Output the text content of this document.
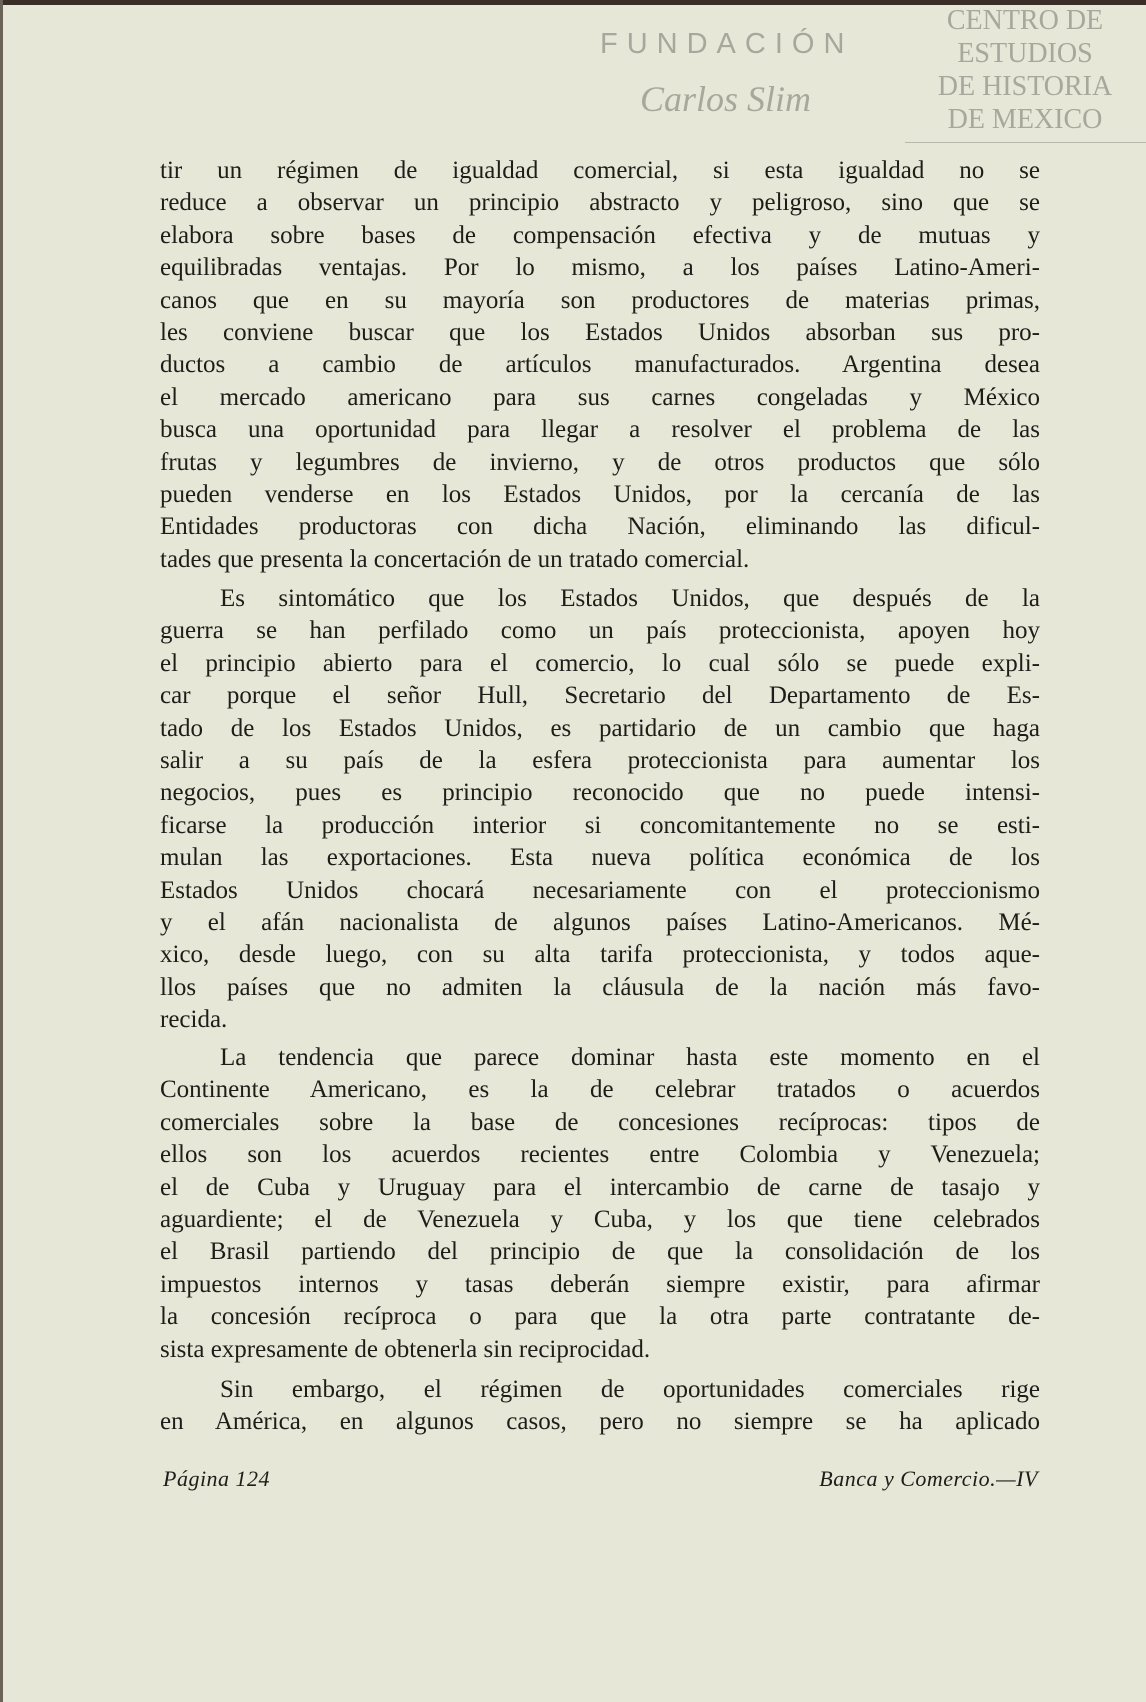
CENTRO DE
ESTUDIOS
DE HISTORIA
DE MEXICO
FUNDACIÓN
Carlos Slim
tir un régimen de igualdad comercial, si esta igualdad no se
reduce a observar un principio abstracto y peligroso, sino que se
elabora sobre bases de compensación efectiva y de mutuas y
equilibradas ventajas. Por lo mismo, a los países Latino-Ameri-
canos que en su mayoría son productores de materias primas,
les conviene buscar que los Estados Unidos absorban sus pro-
ductos a cambio de artículos manufacturados. Argentina desea
el mercado americano para sus carnes congeladas y México
busca una oportunidad para llegar a resolver el problema de las
frutas y legumbres de invierno, y de otros productos que sólo
pueden venderse en los Estados Unidos, por la cercanía de las
Entidades productoras con dicha Nación, eliminando las dificul-
tades que presenta la concertación de un tratado comercial.
Es sintomático que los Estados Unidos, que después de la
guerra se han perfilado como un país proteccionista, apoyen hoy
el principio abierto para el comercio, lo cual sólo se puede expli-
car porque el señor Hull, Secretario del Departamento de Es-
tado de los Estados Unidos, es partidario de un cambio que haga
salir a su país de la esfera proteccionista para aumentar los
negocios, pues es principio reconocido que no puede intensi-
ficarse la producción interior si concomitantemente no se esti-
mulan las exportaciones. Esta nueva política económica de los
Estados Unidos chocará necesariamente con el proteccionismo
y el afán nacionalista de algunos países Latino-Americanos. Mé-
xico, desde luego, con su alta tarifa proteccionista, y todos aque-
llos países que no admiten la cláusula de la nación más favo-
recida.
La tendencia que parece dominar hasta este momento en el
Continente Americano, es la de celebrar tratados o acuerdos
comerciales sobre la base de concesiones recíprocas: tipos de
ellos son los acuerdos recientes entre Colombia y Venezuela;
el de Cuba y Uruguay para el intercambio de carne de tasajo y
aguardiente; el de Venezuela y Cuba, y los que tiene celebrados
el Brasil partiendo del principio de que la consolidación de los
impuestos internos y tasas deberán siempre existir, para afirmar
la concesión recíproca o para que la otra parte contratante de-
sista expresamente de obtenerla sin reciprocidad.
Sin embargo, el régimen de oportunidades comerciales rige
en América, en algunos casos, pero no siempre se ha aplicado
Página 124	Banca y Comercio.—IV
